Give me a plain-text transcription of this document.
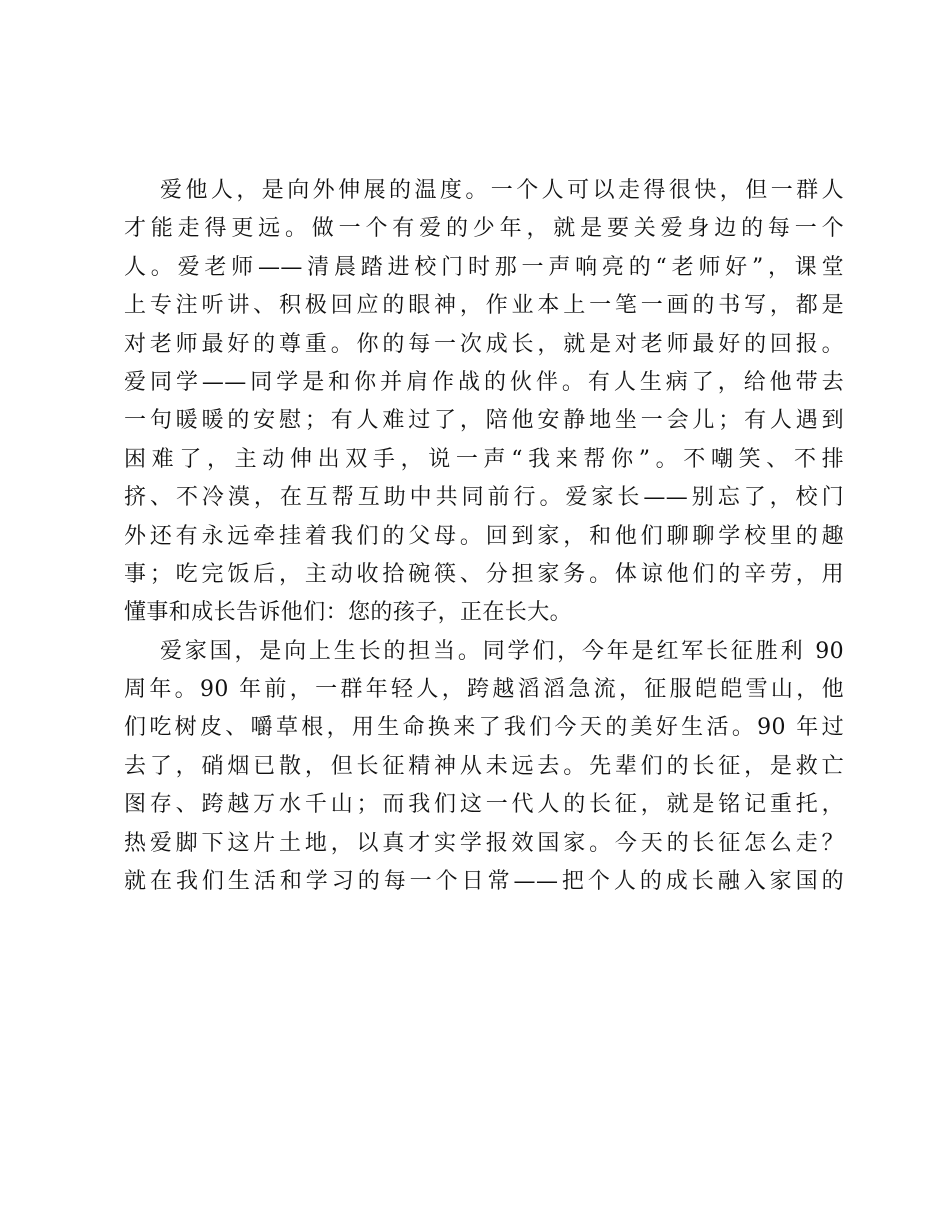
爱他人，是向外伸展的温度。一个人可以走得很快，但一群人
才能走得更远。做一个有爱的少年，就是要关爱身边的每一个
人。爱老师——清晨踏进校门时那一声响亮的“老师好”，课堂
上专注听讲、积极回应的眼神，作业本上一笔一画的书写，都是
对老师最好的尊重。你的每一次成长，就是对老师最好的回报。
爱同学——同学是和你并肩作战的伙伴。有人生病了，给他带去
一句暖暖的安慰；有人难过了，陪他安静地坐一会儿；有人遇到
困难了，主动伸出双手，说一声“我来帮你”。不嘲笑、不排
挤、不冷漠，在互帮互助中共同前行。爱家长——别忘了，校门
外还有永远牵挂着我们的父母。回到家，和他们聊聊学校里的趣
事；吃完饭后，主动收拾碗筷、分担家务。体谅他们的辛劳，用
懂事和成长告诉他们：您的孩子，正在长大。
爱家国，是向上生长的担当。同学们，今年是红军长征胜利 90
周年。90 年前，一群年轻人，跨越滔滔急流，征服皑皑雪山，他
们吃树皮、嚼草根，用生命换来了我们今天的美好生活。90 年过
去了，硝烟已散，但长征精神从未远去。先辈们的长征，是救亡
图存、跨越万水千山；而我们这一代人的长征，就是铭记重托，
热爱脚下这片土地，以真才实学报效国家。今天的长征怎么走？
就在我们生活和学习的每一个日常——把个人的成长融入家国的
